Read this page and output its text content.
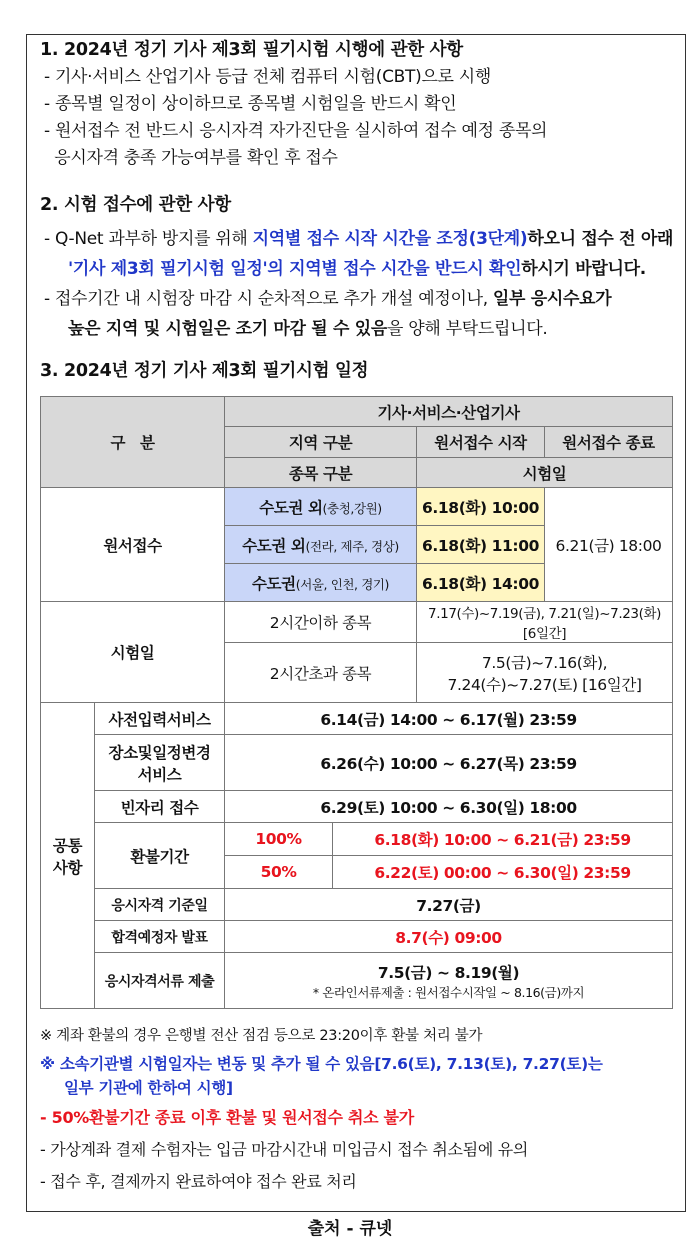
1. 2024년 정기 기사 제3회 필기시험 시행에 관한 사항
- 기사·서비스 산업기사 등급 전체 컴퓨터 시험(CBT)으로 시행
- 종목별 일정이 상이하므로 종목별 시험일을 반드시 확인
- 원서접수 전 반드시 응시자격 자가진단을 실시하여 접수 예정 종목의
응시자격 충족 가능여부를 확인 후 접수
2. 시험 접수에 관한 사항
- Q-Net 과부하 방지를 위해 지역별 접수 시작 시간을 조정(3단계)하오니 접수 전 아래
'기사 제3회 필기시험 일정'의 지역별 접수 시간을 반드시 확인하시기 바랍니다.
- 접수기간 내 시험장 마감 시 순차적으로 추가 개설 예정이나, 일부 응시수요가
높은 지역 및 시험일은 조기 마감 될 수 있음을 양해 부탁드립니다.
3. 2024년 정기 기사 제3회 필기시험 일정
구   분		기사·서비스·산업기사			
		지역 구분		원서접수 시작	원서접수 종료
		종목 구분		시험일	
원서접수		수도권 외(충청,강원)		6.18(화) 10:00	6.21(금) 18:00
		수도권 외(전라, 제주, 경상)		6.18(화) 11:00	
		수도권(서울, 인천, 경기)		6.18(화) 14:00	
시험일		2시간이하 종목		7.17(수)~7.19(금), 7.21(일)~7.23(화) [6일간]	
		2시간초과 종목		7.5(금)~7.16(화),
7.24(수)~7.27(토) [16일간]	

공통
사항	사전입력서비스	6.14(금) 14:00 ~ 6.17(월) 23:59			

	장소및일정변경
서비스	6.26(수) 10:00 ~ 6.27(목) 23:59			
	빈자리 접수	6.29(토) 10:00 ~ 6.30(일) 18:00			
	환불기간	100%	6.18(화) 10:00 ~ 6.21(금) 23:59		
		50%	6.22(토) 00:00 ~ 6.30(일) 23:59		
	응시자격 기준일	7.27(금)			
	합격예정자 발표	8.7(수) 09:00			
	응시자격서류 제출	7.5(금) ~ 8.19(월)
* 온라인서류제출 : 원서접수시작일 ~ 8.16(금)까지			
※ 계좌 환불의 경우 은행별 전산 점검 등으로 23:20이후 환불 처리 불가
※ 소속기관별 시험일자는 변동 및 추가 될 수 있음[7.6(토), 7.13(토), 7.27(토)는
일부 기관에 한하여 시행]
- 50%환불기간 종료 이후 환불 및 원서접수 취소 불가
- 가상계좌 결제 수험자는 입금 마감시간내 미입금시 접수 취소됨에 유의
- 접수 후, 결제까지 완료하여야 접수 완료 처리
출처 - 큐넷
